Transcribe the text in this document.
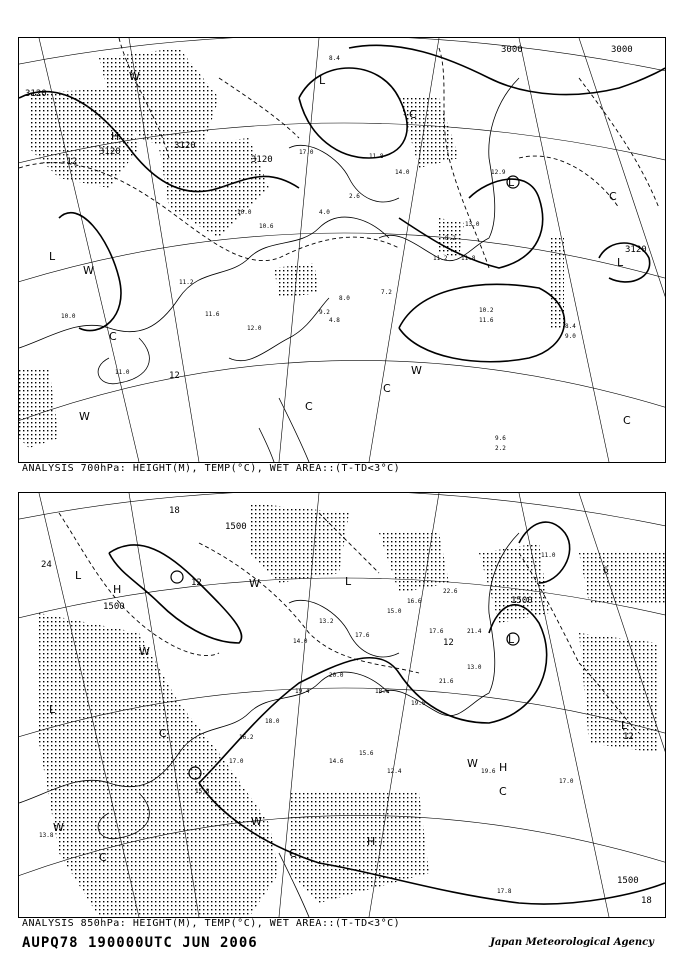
3120
3120
3120
3120
3120
3000	3000
-12
12
L
L	L
L
H
W
W
W
C
C
C
C
C
C
W
8.4
17.0
11.8
14.0
10.0
10.6
11.2
11.6
12.0
11.0
9.2
8.0
7.2
4.8
8.2
13.0
11.2 11.8
10.2
11.6
8.4
9.0
9.6
2.2
12.9
10.0
4.0
2.6
ANALYSIS 700hPa: HEIGHT(M), TEMP(°C), WET AREA::(T-TD<3°C)
1500
1500
1500
1500
24
18
12
12
12
18
6
L
L
L
L
H
H
W
W
W
W
W
C	C
C
C
L
H
13.8
15.8
17.0
16.2
18.0
19.4
20.0
14.0
13.2
17.6
15.0
16.6
18.6
19.0
21.6
13.0
22.6
21.4
17.6
14.6
15.6
12.4
17.0
11.0
19.6
17.8
ANALYSIS 850hPa: HEIGHT(M), TEMP(°C), WET AREA::(T-TD<3°C)
AUPQ78 190000UTC JUN 2006	Japan Meteorological Agency
